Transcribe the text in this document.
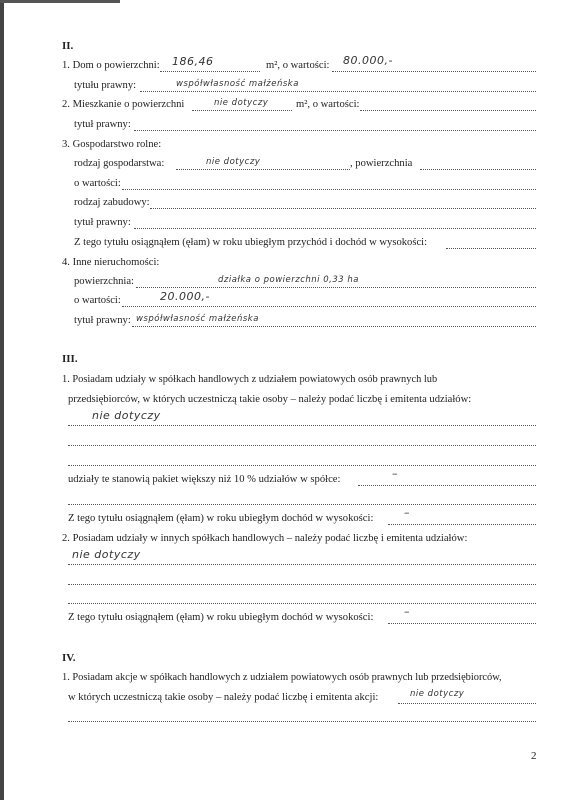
II.
1. Dom o powierzchni: 186,46	m², o wartości: 80.000,-
tytułu prawny:	współwłasność małżeńska
2. Mieszkanie o powierzchni	nie dotyczy	m², o wartości:
tytuł prawny:
3. Gospodarstwo rolne:
rodzaj gospodarstwa:	nie dotyczy	, powierzchnia
o wartości:
rodzaj zabudowy:
tytuł prawny:
Z tego tytułu osiągnąłem (ęłam) w roku ubiegłym przychód i dochód w wysokości:
4. Inne nieruchomości:
powierzchnia:	działka o powierzchni 0,33 ha
o wartości:	20.000,-
tytuł prawny: współwłasność małżeńska
III.
1. Posiadam udziały w spółkach handlowych z udziałem powiatowych osób prawnych lub
przedsiębiorców, w których uczestniczą takie osoby – należy podać liczbę i emitenta udziałów:
nie dotyczy
udziały te stanowią pakiet większy niż 10 % udziałów w spółce:	–
Z tego tytułu osiągnąłem (ęłam) w roku ubiegłym dochód w wysokości:	–
2. Posiadam udziały w innych spółkach handlowych – należy podać liczbę i emitenta udziałów:
nie dotyczy
Z tego tytułu osiągnąłem (ęłam) w roku ubiegłym dochód w wysokości:	–
IV.
1. Posiadam akcje w spółkach handlowych z udziałem powiatowych osób prawnych lub przedsiębiorców,
w których uczestniczą takie osoby – należy podać liczbę i emitenta akcji:	nie dotyczy
2
